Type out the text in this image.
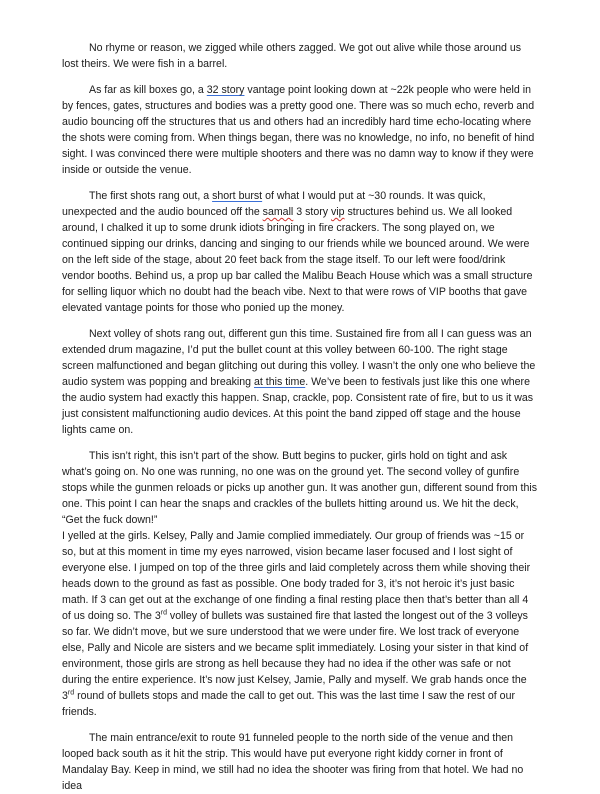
No rhyme or reason, we zigged while others zagged. We got out alive while those around us lost theirs. We were fish in a barrel.

As far as kill boxes go, a 32 story vantage point looking down at ~22k people who were held in by fences, gates, structures and bodies was a pretty good one. There was so much echo, reverb and audio bouncing off the structures that us and others had an incredibly hard time echo-locating where the shots were coming from. When things began, there was no knowledge, no info, no benefit of hind sight. I was convinced there were multiple shooters and there was no damn way to know if they were inside or outside the venue.

The first shots rang out, a short burst of what I would put at ~30 rounds. It was quick, unexpected and the audio bounced off the samall 3 story vip structures behind us. We all looked around, I chalked it up to some drunk idiots bringing in fire crackers. The song played on, we continued sipping our drinks, dancing and singing to our friends while we bounced around. We were on the left side of the stage, about 20 feet back from the stage itself. To our left were food/drink vendor booths. Behind us, a prop up bar called the Malibu Beach House which was a small structure for selling liquor which no doubt had the beach vibe. Next to that were rows of VIP booths that gave elevated vantage points for those who ponied up the money.

Next volley of shots rang out, different gun this time. Sustained fire from all I can guess was an extended drum magazine, I’d put the bullet count at this volley between 60-100. The right stage screen malfunctioned and began glitching out during this volley. I wasn’t the only one who believe the audio system was popping and breaking at this time. We’ve been to festivals just like this one where the audio system had exactly this happen. Snap, crackle, pop. Consistent rate of fire, but to us it was just consistent malfunctioning audio devices. At this point the band zipped off stage and the house lights came on.

This isn’t right, this isn’t part of the show. Butt begins to pucker, girls hold on tight and ask what’s going on. No one was running, no one was on the ground yet. The second volley of gunfire stops while the gunmen reloads or picks up another gun. It was another gun, different sound from this one. This point I can hear the snaps and crackles of the bullets hitting around us. We hit the deck, “Get the fuck down!”

I yelled at the girls. Kelsey, Pally and Jamie complied immediately. Our group of friends was ~15 or so, but at this moment in time my eyes narrowed, vision became laser focused and I lost sight of everyone else. I jumped on top of the three girls and laid completely across them while shoving their heads down to the ground as fast as possible. One body traded for 3, it’s not heroic it’s just basic math. If 3 can get out at the exchange of one finding a final resting place then that’s better than all 4 of us doing so. The 3rd volley of bullets was sustained fire that lasted the longest out of the 3 volleys so far. We didn’t move, but we sure understood that we were under fire. We lost track of everyone else, Pally and Nicole are sisters and we became split immediately. Losing your sister in that kind of environment, those girls are strong as hell because they had no idea if the other was safe or not during the entire experience. It’s now just Kelsey, Jamie, Pally and myself. We grab hands once the 3rd round of bullets stops and made the call to get out. This was the last time I saw the rest of our friends.

The main entrance/exit to route 91 funneled people to the north side of the venue and then looped back south as it hit the strip. This would have put everyone right kiddy corner in front of Mandalay Bay. Keep in mind, we still had no idea the shooter was firing from that hotel. We had no idea
